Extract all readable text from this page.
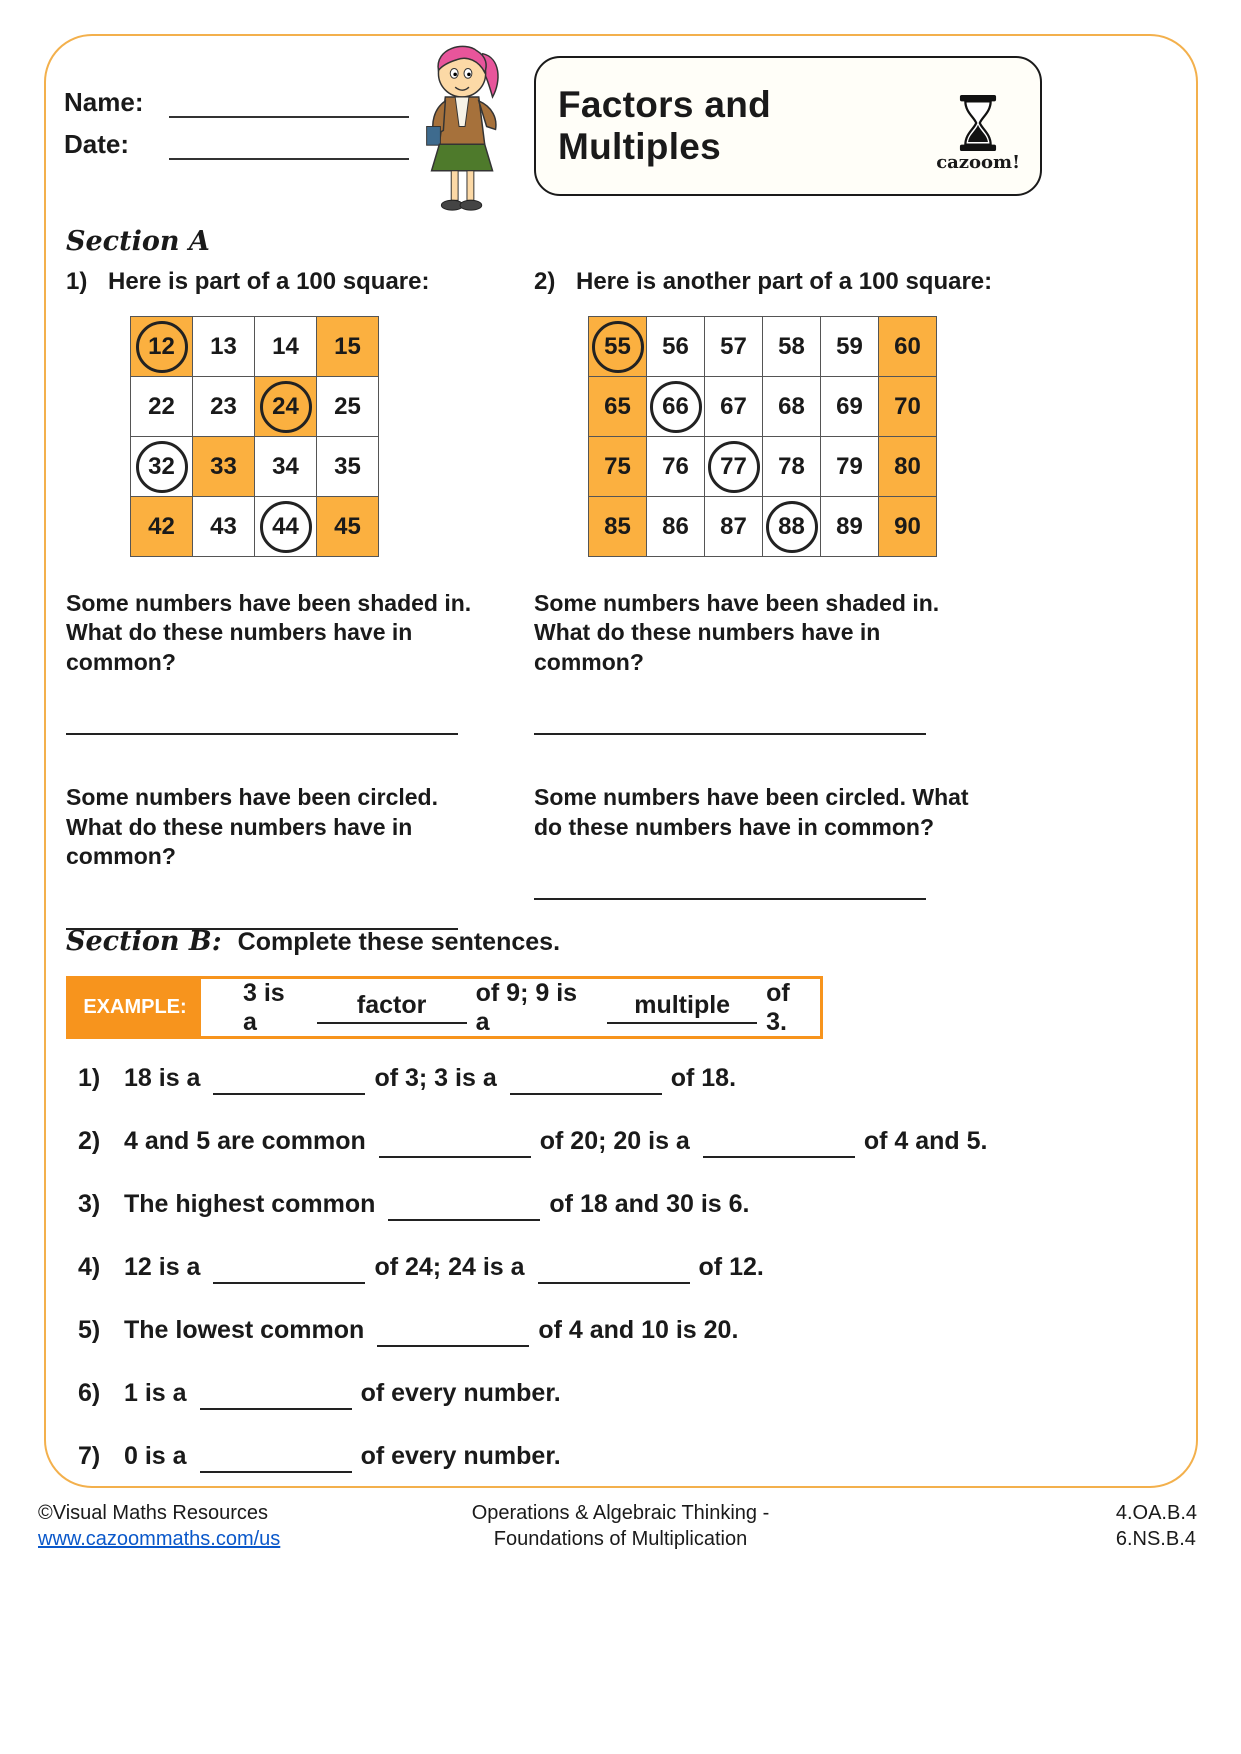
Name:
Date:
Factors and Multiples	cazoom!
Section A
1) Here is part of a 100 square:
12	13	14	15
22	23	24	25
32	33	34	35
42	43	44	45
Some numbers have been shaded in. What do these numbers have in common?
Some numbers have been circled. What do these numbers have in common?
2) Here is another part of a 100 square:
55	56	57	58	59	60
65	66	67	68	69	70
75	76	77	78	79	80
85	86	87	88	89	90
Some numbers have been shaded in. What do these numbers have in common?
Some numbers have been circled. What do these numbers have in common?
Section B: Complete these sentences.
EXAMPLE:
3 is a
factor	of 9; 9 is a
multiple	of 3.
1) 18 is a	of 3; 3 is a	of 18.
2) 4 and 5 are common	of 20; 20 is a	of 4 and 5.
3) The highest common	of 18 and 30 is 6.
4) 12 is a	of 24; 24 is a	of 12.
5) The lowest common	of 4 and 10 is 20.
6) 1 is a	of every number.
7) 0 is a	of every number.
©Visual Maths Resources
www.cazoommaths.com/us
Operations & Algebraic Thinking -
Foundations of Multiplication
4.OA.B.4
6.NS.B.4
